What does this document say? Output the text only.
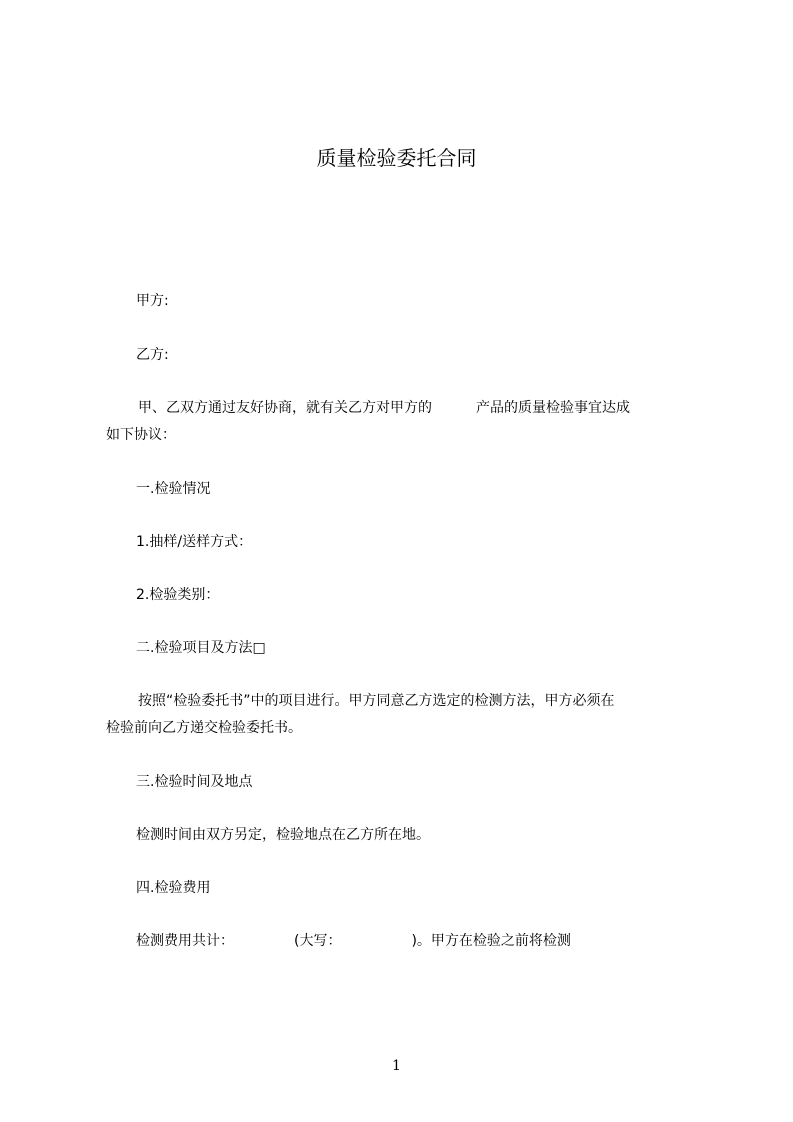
质量检验委托合同
甲方:
乙方:
甲、乙双方通过友好协商，就有关乙方对甲方的	产品的质量检验事宜达成
如下协议：
一.检验情况
1.抽样/送样方式：
2.检验类别：
二.检验项目及方法□
按照“检验委托书”中的项目进行。甲方同意乙方选定的检测方法，甲方必须在
检验前向乙方递交检验委托书。
三.检验时间及地点
检测时间由双方另定，检验地点在乙方所在地。
四.检验费用
检测费用共计：	(大写：	)。甲方在检验之前将检测
1
